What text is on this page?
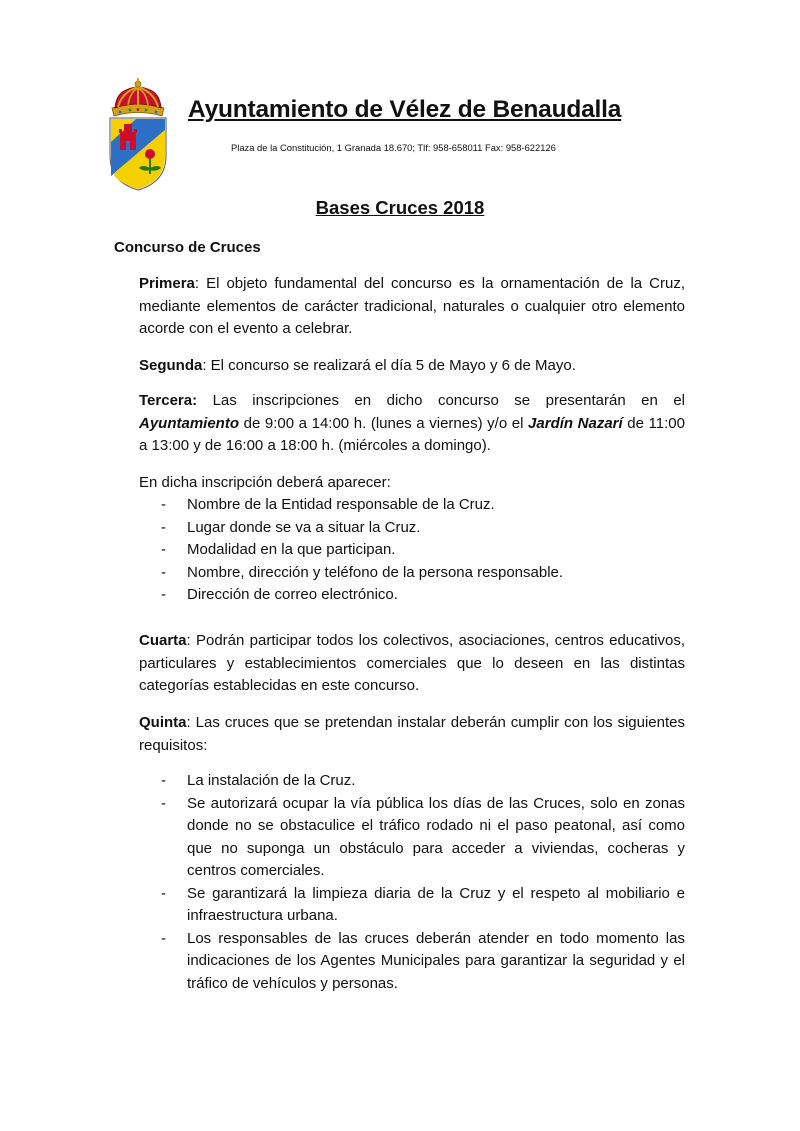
Ayuntamiento de Vélez de Benaudalla
Plaza de la Constitución, 1 Granada 18.670; Tlf: 958-658011 Fax: 958-622126
Bases Cruces 2018
Concurso de Cruces
Primera: El objeto fundamental del concurso es la ornamentación de la Cruz, mediante elementos de carácter tradicional, naturales o cualquier otro elemento acorde con el evento a celebrar.
Segunda: El concurso se realizará el día 5 de Mayo y 6 de Mayo.
Tercera: Las inscripciones en dicho concurso se presentarán en el Ayuntamiento de 9:00 a 14:00 h. (lunes a viernes) y/o el Jardín Nazarí de 11:00 a 13:00 y de 16:00 a 18:00 h. (miércoles a domingo).
En dicha inscripción deberá aparecer:
- Nombre de la Entidad responsable de la Cruz.
- Lugar donde se va a situar la Cruz.
- Modalidad en la que participan.
- Nombre, dirección y teléfono de la persona responsable.
- Dirección de correo electrónico.
Cuarta: Podrán participar todos los colectivos, asociaciones, centros educativos, particulares y establecimientos comerciales que lo deseen en las distintas categorías establecidas en este concurso.
Quinta: Las cruces que se pretendan instalar deberán cumplir con los siguientes requisitos:
- La instalación de la Cruz.
- Se autorizará ocupar la vía pública los días de las Cruces, solo en zonas donde no se obstaculice el tráfico rodado ni el paso peatonal, así como que no suponga un obstáculo para acceder a viviendas, cocheras y centros comerciales.
- Se garantizará la limpieza diaria de la Cruz y el respeto al mobiliario e infraestructura urbana.
- Los responsables de las cruces deberán atender en todo momento las indicaciones de los Agentes Municipales para garantizar la seguridad y el tráfico de vehículos y personas.
